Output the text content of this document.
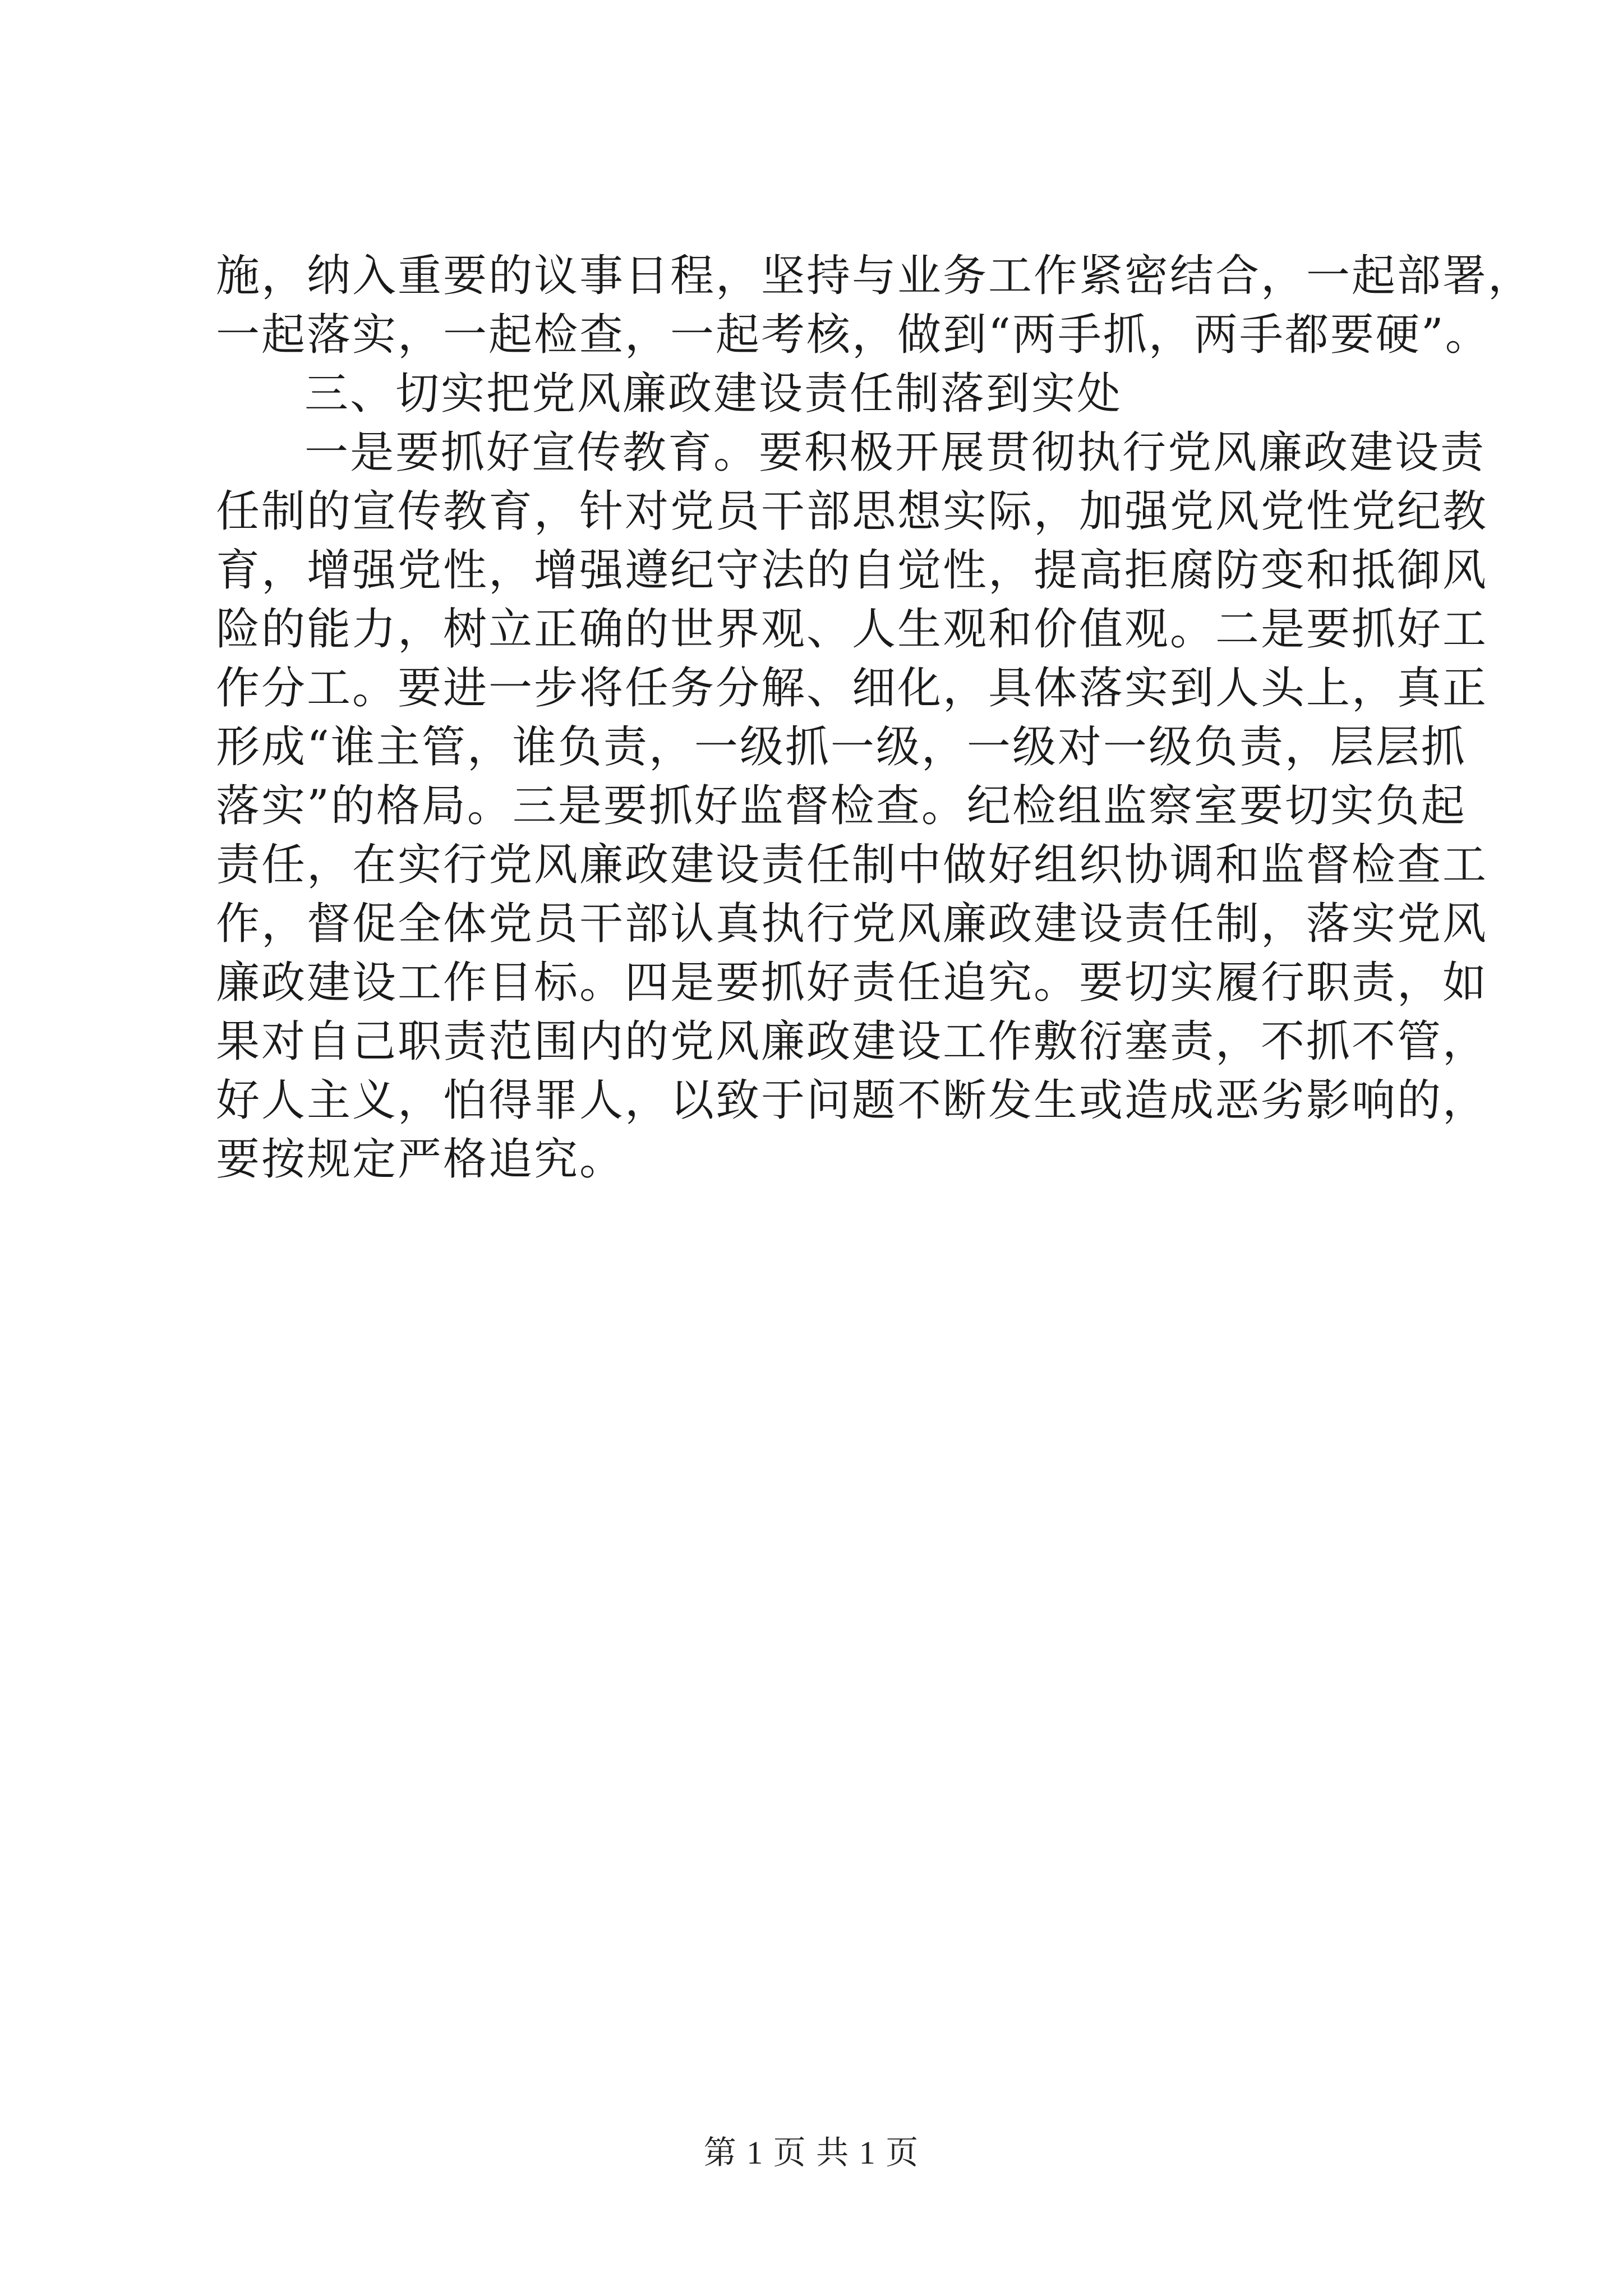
施，纳入重要的议事日程，坚持与业务工作紧密结合，一起部署，
一起落实，一起检查，一起考核，做到“两手抓，两手都要硬”。
三、切实把党风廉政建设责任制落到实处
一是要抓好宣传教育。要积极开展贯彻执行党风廉政建设责
任制的宣传教育，针对党员干部思想实际，加强党风党性党纪教
育，增强党性，增强遵纪守法的自觉性，提高拒腐防变和抵御风
险的能力，树立正确的世界观、人生观和价值观。二是要抓好工
作分工。要进一步将任务分解、细化，具体落实到人头上，真正
形成“谁主管，谁负责，一级抓一级，一级对一级负责，层层抓
落实”的格局。三是要抓好监督检查。纪检组监察室要切实负起
责任，在实行党风廉政建设责任制中做好组织协调和监督检查工
作，督促全体党员干部认真执行党风廉政建设责任制，落实党风
廉政建设工作目标。四是要抓好责任追究。要切实履行职责，如
果对自己职责范围内的党风廉政建设工作敷衍塞责，不抓不管，
好人主义，怕得罪人，以致于问题不断发生或造成恶劣影响的，
要按规定严格追究。
第 1 页 共 1 页
